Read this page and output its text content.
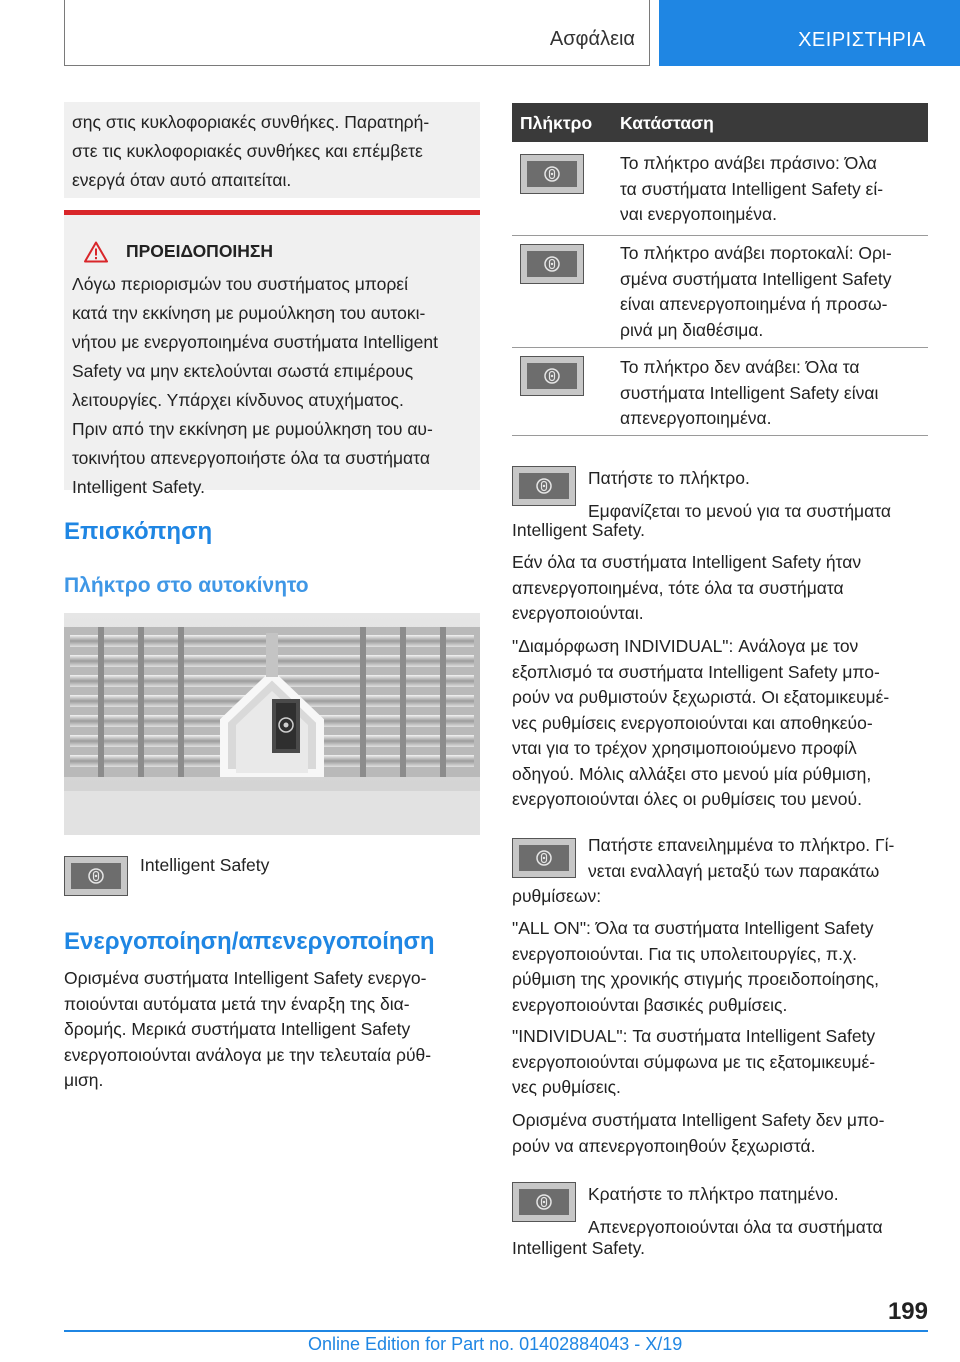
Ασφάλεια	ΧΕΙΡΙΣΤΗΡΙΑ
σης στις κυκλοφοριακές συνθήκες. Παρατηρή-
στε τις κυκλοφοριακές συνθήκες και επέμβετε
ενεργά όταν αυτό απαιτείται.
ΠΡΟΕΙΔΟΠΟΙΗΣΗ
Λόγω περιορισμών του συστήματος μπορεί
κατά την εκκίνηση με ρυμούλκηση του αυτοκι-
νήτου με ενεργοποιημένα συστήματα Intelligent
Safety να μην εκτελούνται σωστά επιμέρους
λειτουργίες. Υπάρχει κίνδυνος ατυχήματος.
Πριν από την εκκίνηση με ρυμούλκηση του αυ-
τοκινήτου απενεργοποιήστε όλα τα συστήματα
Intelligent Safety.
Επισκόπηση
Πλήκτρο στο αυτοκίνητο
Intelligent Safety
Ενεργοποίηση/απενεργοποίηση
Ορισμένα συστήματα Intelligent Safety ενεργο-
ποιούνται αυτόματα μετά την έναρξη της δια-
δρομής. Μερικά συστήματα Intelligent Safety
ενεργοποιούνται ανάλογα με την τελευταία ρύθ-
μιση.
Πλήκτρο Κατάσταση
Το πλήκτρο ανάβει πράσινο: Όλα
τα συστήματα Intelligent Safety εί-
ναι ενεργοποιημένα.
Το πλήκτρο ανάβει πορτοκαλί: Ορι-
σμένα συστήματα Intelligent Safety
είναι απενεργοποιημένα ή προσω-
ρινά μη διαθέσιμα.
Το πλήκτρο δεν ανάβει: Όλα τα
συστήματα Intelligent Safety είναι
απενεργοποιημένα.
Πατήστε το πλήκτρο.
Εμφανίζεται το μενού για τα συστήματα
Intelligent Safety.
Εάν όλα τα συστήματα Intelligent Safety ήταν
απενεργοποιημένα, τότε όλα τα συστήματα
ενεργοποιούνται.
"Διαμόρφωση INDIVIDUAL": Ανάλογα με τον
εξοπλισμό τα συστήματα Intelligent Safety μπο-
ρούν να ρυθμιστούν ξεχωριστά. Οι εξατομικευμέ-
νες ρυθμίσεις ενεργοποιούνται και αποθηκεύο-
νται για το τρέχον χρησιμοποιούμενο προφίλ
οδηγού. Μόλις αλλάξει στο μενού μία ρύθμιση,
ενεργοποιούνται όλες οι ρυθμίσεις του μενού.
Πατήστε επανειλημμένα το πλήκτρο. Γί-
νεται εναλλαγή μεταξύ των παρακάτω
ρυθμίσεων:
"ALL ON": Όλα τα συστήματα Intelligent Safety
ενεργοποιούνται. Για τις υπολειτουργίες, π.χ.
ρύθμιση της χρονικής στιγμής προειδοποίησης,
ενεργοποιούνται βασικές ρυθμίσεις.
"INDIVIDUAL": Τα συστήματα Intelligent Safety
ενεργοποιούνται σύμφωνα με τις εξατομικευμέ-
νες ρυθμίσεις.
Ορισμένα συστήματα Intelligent Safety δεν μπο-
ρούν να απενεργοποιηθούν ξεχωριστά.
Κρατήστε το πλήκτρο πατημένο.
Απενεργοποιούνται όλα τα συστήματα
Intelligent Safety.
199
Online Edition for Part no. 01402884043 - X/19
